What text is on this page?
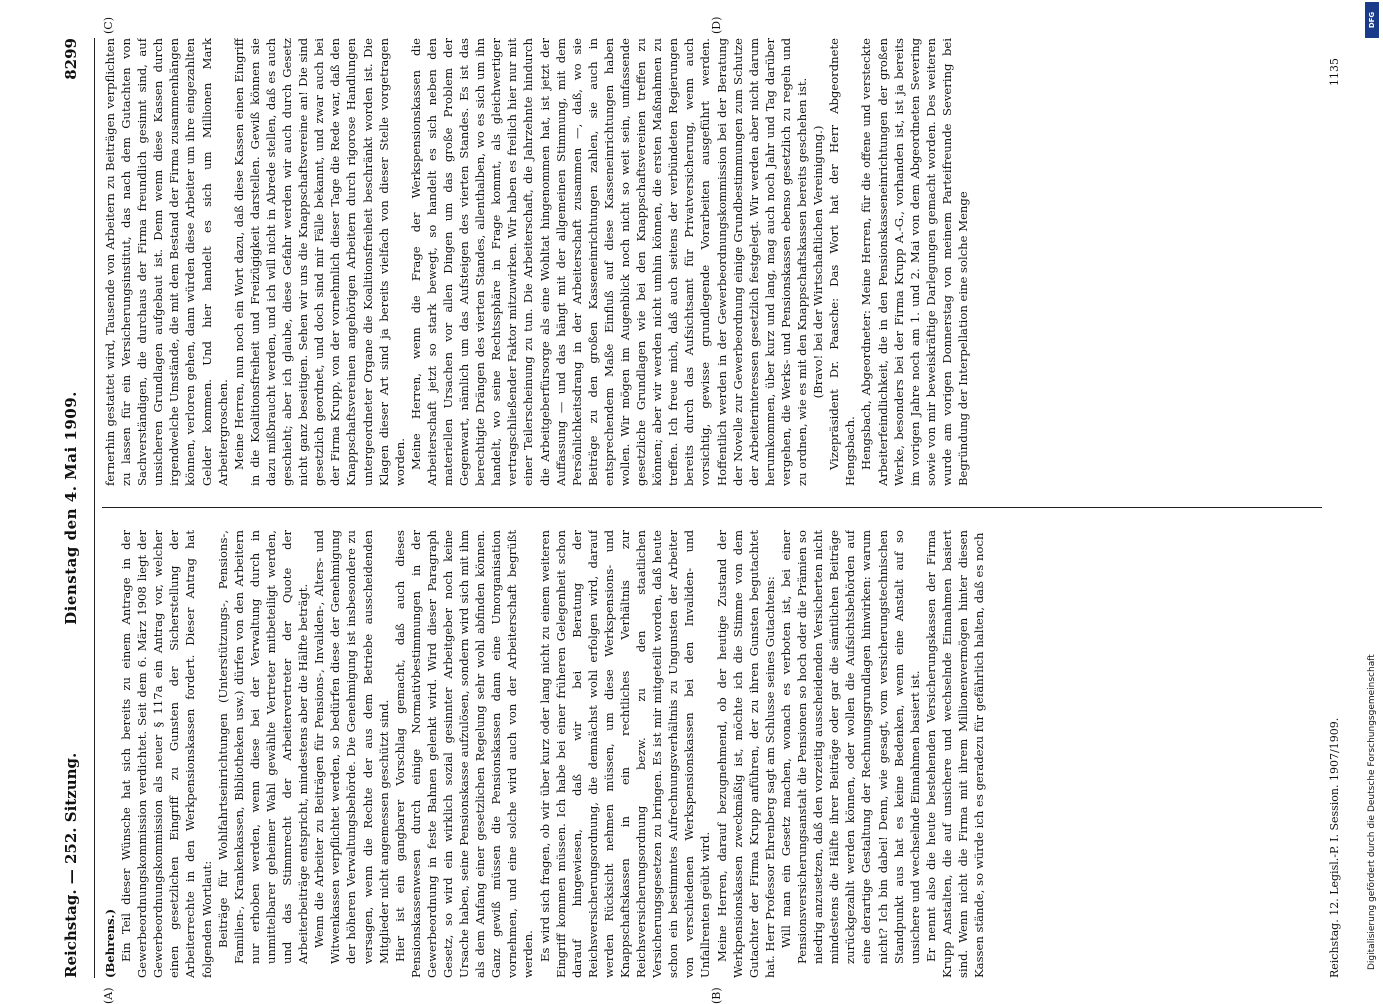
Reichstag. — 252. Sitzung.
Dienstag den 4. Mai 1909.
8299

(Behrens.) Ein Teil dieser Wünsche hat sich bereits zu einem Antrage in der Gewerbeordnungskommission verdichtet. Seit dem 6. März 1908 liegt der Gewerbeordnungskommission als neuer § 117a ein Antrag vor, welcher einen gesetzlichen Eingriff zu Gunsten der Sicherstellung der Arbeiterrechte in den Werkpensionskassen fordert. Dieser Antrag hat folgenden Wortlaut: Beiträge für Wohlfahrtseinrichtungen (Unterstützungs-, Pensions-, Familien-, Krankenkassen, Bibliotheken usw.) dürfen von den Arbeitern nur erhoben werden, wenn diese bei der Verwaltung durch in unmittelbarer geheimer Wahl gewählte Vertreter mitbeteiligt werden, und das Stimmrecht der Arbeitervertreter der Quote der Arbeiterbeiträge entspricht, mindestens aber die Hälfte beträgt. Wenn die Arbeiter zu Beiträgen für Pensions-, Invaliden-, Alters- und Witwenkassen verpflichtet werden, so bedürfen diese der Genehmigung der höheren Verwaltungsbehörde. Die Genehmigung ist insbesondere zu versagen, wenn die Rechte der aus dem Betriebe ausscheidenden Mitglieder nicht angemessen geschützt sind. Hier ist ein gangbarer Vorschlag gemacht, daß auch dieses Pensionskassenwesen durch einige Normativbestimmungen in der Gewerbeordnung in feste Bahnen gelenkt wird. Wird dieser Paragraph Gesetz, so wird ein wirklich sozial gesinnter Arbeitgeber noch keine Ursache haben, seine Pensionskasse aufzulösen, sondern wird sich mit ihm als dem Anfang einer gesetzlichen Regelung sehr wohl abfinden können. Ganz gewiß müssen die Pensionskassen dann eine Umorganisation vornehmen, und eine solche wird auch von der Arbeiterschaft begrüßt werden. Es wird sich fragen, ob wir über kurz oder lang nicht zu einem weiteren Eingriff kommen müssen. Ich habe bei einer früheren Gelegenheit schon darauf hingewiesen, daß wir bei Beratung der Reichsversicherungsordnung, die demnächst wohl erfolgen wird, darauf werden Rücksicht nehmen müssen, um diese Werkspensions- und Knappschaftskassen in ein rechtliches Verhältnis zur Reichsversicherungsordnung bezw. zu den staatlichen Versicherungsgesetzen zu bringen. Es ist mir mitgeteilt worden, daß heute schon ein bestimmtes Aufrechnungsverhältnis zu Ungunsten der Arbeiter von verschiedenen Werkspensionskassen bei den Invaliden- und Unfallrenten geübt wird. Meine Herren, darauf bezugnehmend, ob der heutige Zustand der Werkpensionskassen zweckmäßig ist, möchte ich die Stimme von dem Gutachter der Firma Krupp anführen, der zu ihren Gunsten begutachtet hat. Herr Professor Ehrenberg sagt am Schlusse seines Gutachtens: Will man ein Gesetz machen, wonach es verboten ist, bei einer Pensionsversicherungsanstalt die Pensionen so hoch oder die Prämien so niedrig anzusetzen, daß den vorzeitig ausscheidenden Versicherten nicht mindestens die Hälfte ihrer Beiträge oder gar die sämtlichen Beiträge zurückgezahlt werden können, oder wollen die Aufsichtsbehörden auf eine derartige Gestaltung der Rechnungsgrundlagen hinwirken: warum nicht? Ich bin dabei! Denn, wie gesagt, vom versicherungstechnischen Standpunkt aus hat es keine Bedenken, wenn eine Anstalt auf so unsichere und wechselnde Einnahmen basiert ist. Er nennt also die heute bestehenden Versicherungskassen der Firma Krupp Anstalten, die auf unsichere und wechselnde Einnahmen basiert sind. Wenn nicht die Firma mit ihrem Millionenvermögen hinter diesen Kassen stände, so würde ich es geradezu für gefährlich halten, daß es noch

fernerhin gestattet wird, Tausende von Arbeitern zu Beiträgen verpflichten zu lassen für ein Versicherungsinstitut, das nach dem Gutachten von Sachverständigen, die durchaus der Firma freundlich gesinnt sind, auf unsicheren Grundlagen aufgebaut ist. Denn wenn diese Kassen durch irgendwelche Umstände, die mit dem Bestand der Firma zusammenhängen können, verloren gehen, dann würden diese Arbeiter um ihre eingezahlten Gelder kommen. Und hier handelt es sich um Millionen Mark Arbeitergroschen. Meine Herren, nun noch ein Wort dazu, daß diese Kassen einen Eingriff in die Koalitionsfreiheit und Freizügigkeit darstellen. Gewiß können sie dazu mißbraucht werden, und ich will nicht in Abrede stellen, daß es auch geschieht; aber ich glaube, diese Gefahr werden wir auch durch Gesetz nicht ganz beseitigen. Sehen wir uns die Knappschaftsvereine an! Die sind gesetzlich geordnet, und doch sind mir Fälle bekannt, und zwar auch bei der Firma Krupp, von der vornehmlich dieser Tage die Rede war, daß den Knappschaftsvereinen angehörigen Arbeitern durch rigorose Handlungen untergeordneter Organe die Koalitionsfreiheit beschränkt worden ist. Die Klagen dieser Art sind ja bereits vielfach von dieser Stelle vorgetragen worden. Meine Herren, wenn die Frage der Werkspensionskassen die Arbeiterschaft jetzt so stark bewegt, so handelt es sich neben den materiellen Ursachen vor allen Dingen um das große Problem der Gegenwart, nämlich um das Aufsteigen des vierten Standes. Es ist das berechtigte Drängen des vierten Standes, allenthalben, wo es sich um ihn handelt, wo seine Rechtssphäre in Frage kommt, als gleichwertiger vertragschließender Faktor mitzuwirken. Wir haben es freilich hier nur mit einer Teilerscheinung zu tun. Die Arbeiterschaft, die Jahrzehnte hindurch die Arbeitgeberfürsorge als eine Wohltat hingenommen hat, ist jetzt der Auffassung — und das hängt mit der allgemeinen Stimmung, mit dem Persönlichkeitsdrang in der Arbeiterschaft zusammen —, daß, wo sie Beiträge zu den großen Kasseneinrichtungen zahlen, sie auch in entsprechendem Maße Einfluß auf diese Kasseneinrichtungen haben wollen. Wir mögen im Augenblick noch nicht so weit sein, umfassende gesetzliche Grundlagen wie bei den Knappschaftsvereinen treffen zu können; aber wir werden nicht umhin können, die ersten Maßnahmen zu treffen. Ich freue mich, daß auch seitens der verbündeten Regierungen bereits durch das Aufsichtsamt für Privatversicherung, wenn auch vorsichtig, gewisse grundlegende Vorarbeiten ausgeführt werden. Hoffentlich werden in der Gewerbeordnungskommission bei der Beratung der Novelle zur Gewerbeordnung einige Grundbestimmungen zum Schutze der Arbeiterinteressen gesetzlich festgelegt. Wir werden aber nicht darum herumkommen, über kurz und lang, mag auch noch Jahr und Tag darüber vergehen, die Werks- und Pensionskassen ebenso gesetzlich zu regeln und zu ordnen, wie es mit den Knappschaftskassen bereits geschehen ist. (Bravo! bei der Wirtschaftlichen Vereinigung.) Vizepräsident Dr. Paasche: Das Wort hat der Herr Abgeordnete Hengsbach. Hengsbach, Abgeordneter: Meine Herren, für die offene und versteckte Arbeiterfeindlichkeit, die in den Pensionskasseneinrichtungen der großen Werke, besonders bei der Firma Krupp A.-G., vorhanden ist, ist ja bereits im vorigen Jahre noch am 1. und 2. Mai von dem Abgeordneten Severing sowie von mir beweiskräftige Darlegungen gemacht worden. Des weiteren wurde am vorigen Donnerstag von meinem Parteifreunde Severing bei Begründung der Interpellation eine solche Menge

(A)	(B)
(C)	(D)
Reichstag. 12. Legisl.-P. I. Session. 1907/1909.
1135
DFG
Digitalisierung gefördert durch die Deutsche Forschungsgemeinschaft
